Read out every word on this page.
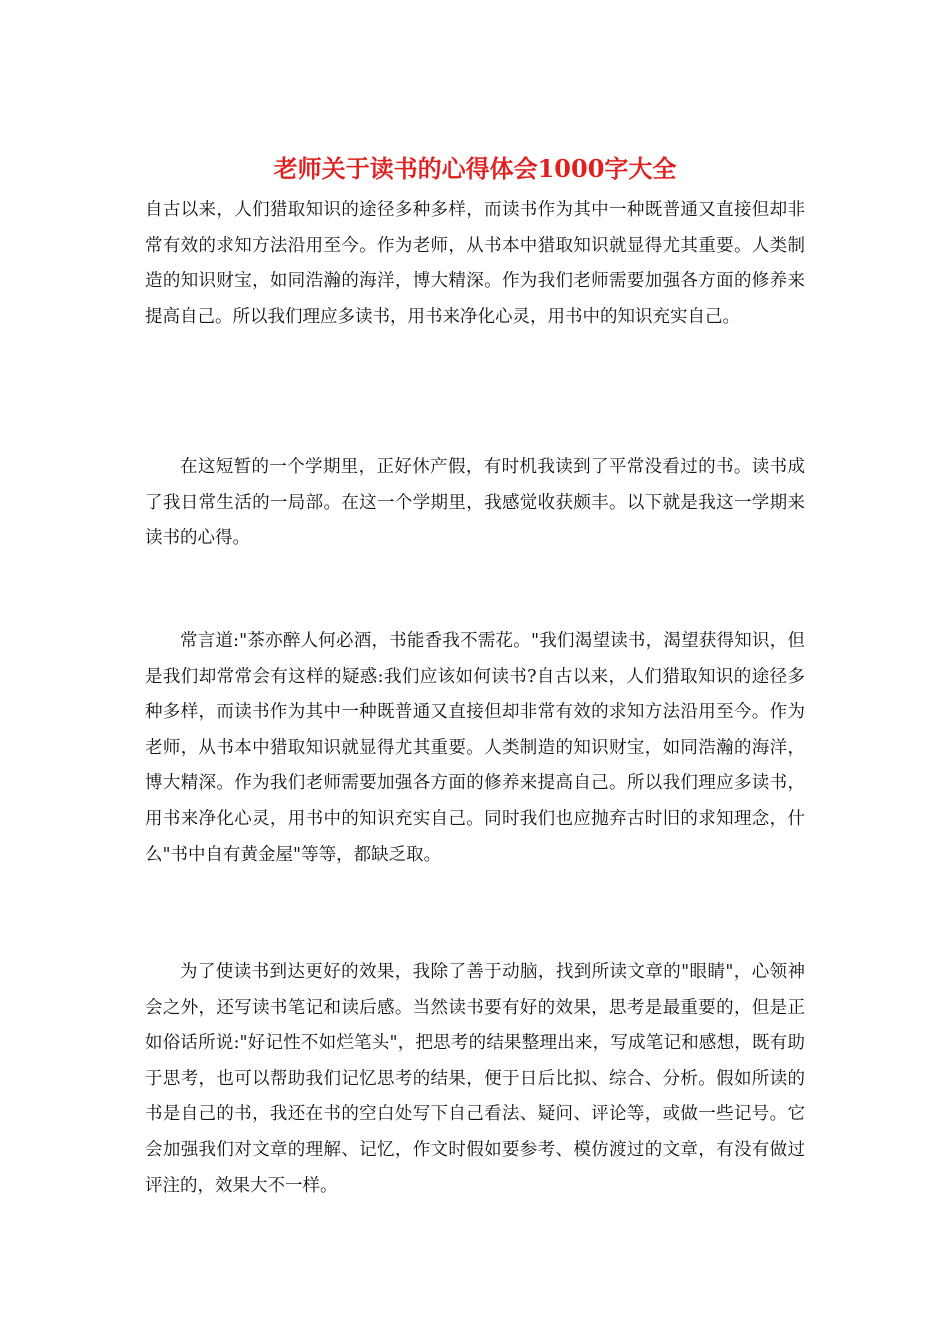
老师关于读书的心得体会1000字大全

自古以来，人们猎取知识的途径多种多样，而读书作为其中一种既普通又直接但却非常有效的求知方法沿用至今。作为老师，从书本中猎取知识就显得尤其重要。人类制造的知识财宝，如同浩瀚的海洋，博大精深。作为我们老师需要加强各方面的修养来提高自己。所以我们理应多读书，用书来净化心灵，用书中的知识充实自己。

在这短暂的一个学期里，正好休产假，有时机我读到了平常没看过的书。读书成了我日常生活的一局部。在这一个学期里，我感觉收获颇丰。以下就是我这一学期来读书的心得。

常言道:"茶亦醉人何必酒，书能香我不需花。"我们渴望读书，渴望获得知识，但是我们却常常会有这样的疑惑:我们应该如何读书?自古以来，人们猎取知识的途径多种多样，而读书作为其中一种既普通又直接但却非常有效的求知方法沿用至今。作为老师，从书本中猎取知识就显得尤其重要。人类制造的知识财宝，如同浩瀚的海洋，博大精深。作为我们老师需要加强各方面的修养来提高自己。所以我们理应多读书，用书来净化心灵，用书中的知识充实自己。同时我们也应抛弃古时旧的求知理念，什么"书中自有黄金屋"等等，都缺乏取。

为了使读书到达更好的效果，我除了善于动脑，找到所读文章的"眼睛"，心领神会之外，还写读书笔记和读后感。当然读书要有好的效果，思考是最重要的，但是正如俗话所说:"好记性不如烂笔头"，把思考的结果整理出来，写成笔记和感想，既有助于思考，也可以帮助我们记忆思考的结果，便于日后比拟、综合、分析。假如所读的书是自己的书，我还在书的空白处写下自己看法、疑问、评论等，或做一些记号。它会加强我们对文章的理解、记忆，作文时假如要参考、模仿渡过的文章，有没有做过评注的，效果大不一样。
